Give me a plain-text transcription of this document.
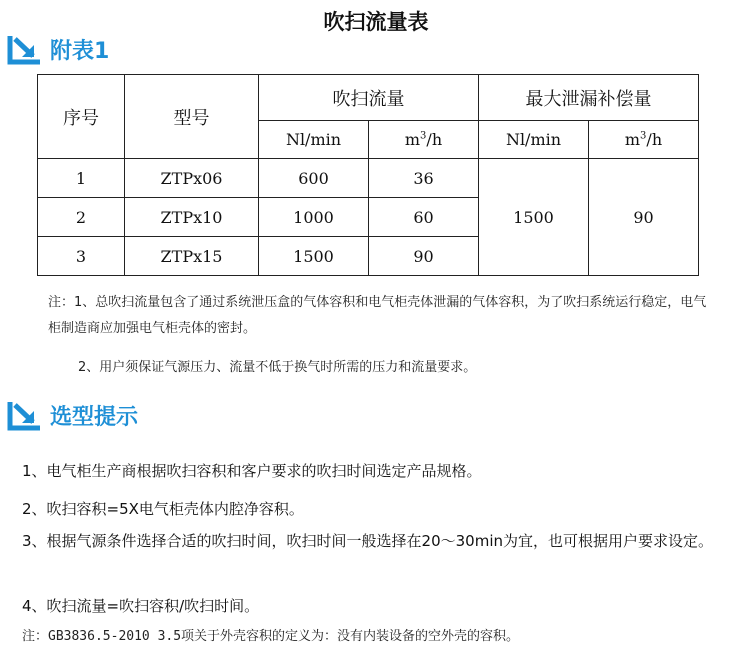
吹扫流量表
附表1
序号	型号	吹扫流量		最大泄漏补偿量	
		Nl/min	$m^3/h$	Nl/min	$m^3/h$
1	ZTPx06	600	36	1500	90
2	ZTPx10	1000	60		
3	ZTPx15	1500	90		
注：1、总吹扫流量包含了通过系统泄压盒的气体容积和电气柜壳体泄漏的气体容积，为了吹扫系统运行稳定，电气柜制造商应加强电气柜壳体的密封。
2、用户须保证气源压力、流量不低于换气时所需的压力和流量要求。
选型提示
1、电气柜生产商根据吹扫容积和客户要求的吹扫时间选定产品规格。
2、吹扫容积=5X电气柜壳体内腔净容积。
3、根据气源条件选择合适的吹扫时间，吹扫时间一般选择在20～30min为宜，也可根据用户要求设定。
4、吹扫流量=吹扫容积/吹扫时间。
注：GB3836.5-2010 3.5项关于外壳容积的定义为：没有内装设备的空外壳的容积。
